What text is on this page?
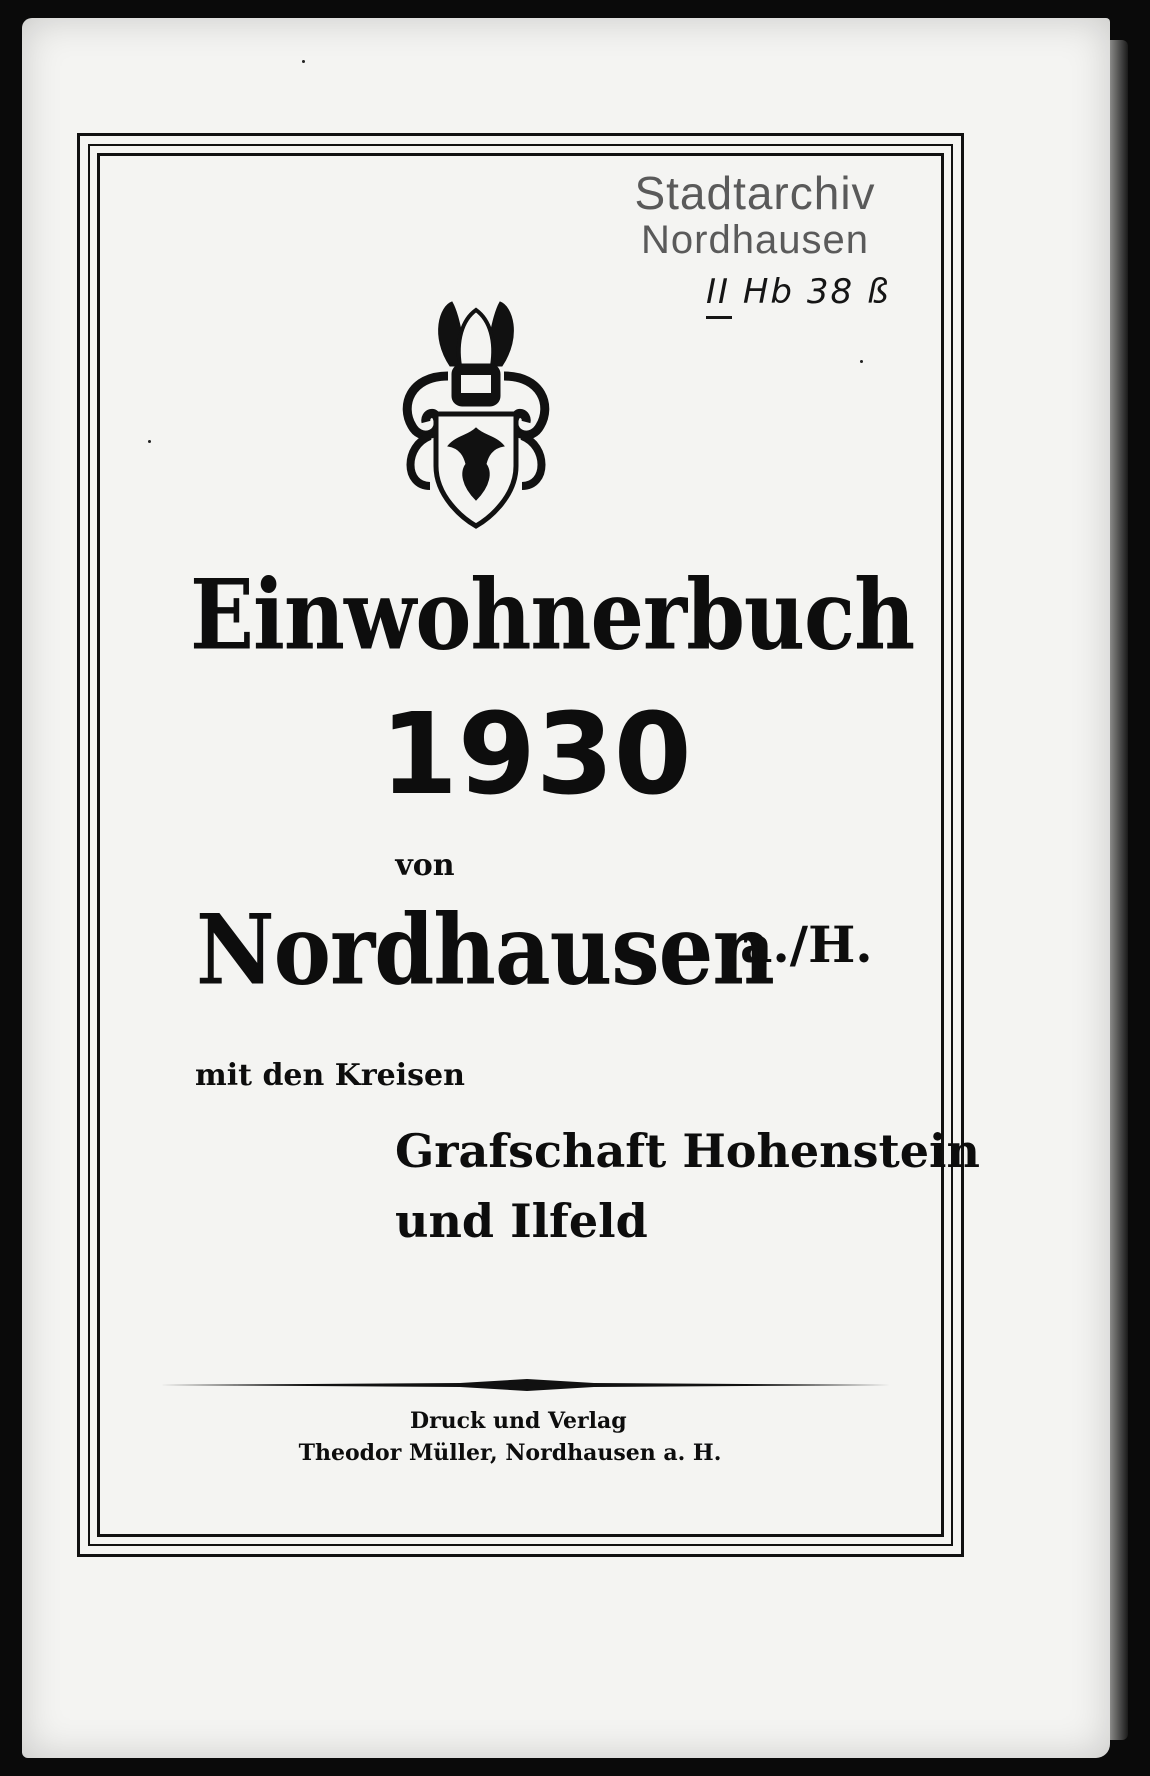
Stadtarchiv
Nordhausen
II Hb 38 ß
Einwohnerbuch
1930
von
Nordhausen
a./H.
mit den Kreisen
Grafschaft Hohenstein
und Ilfeld
Druck und Verlag
Theodor Müller, Nordhausen a. H.
